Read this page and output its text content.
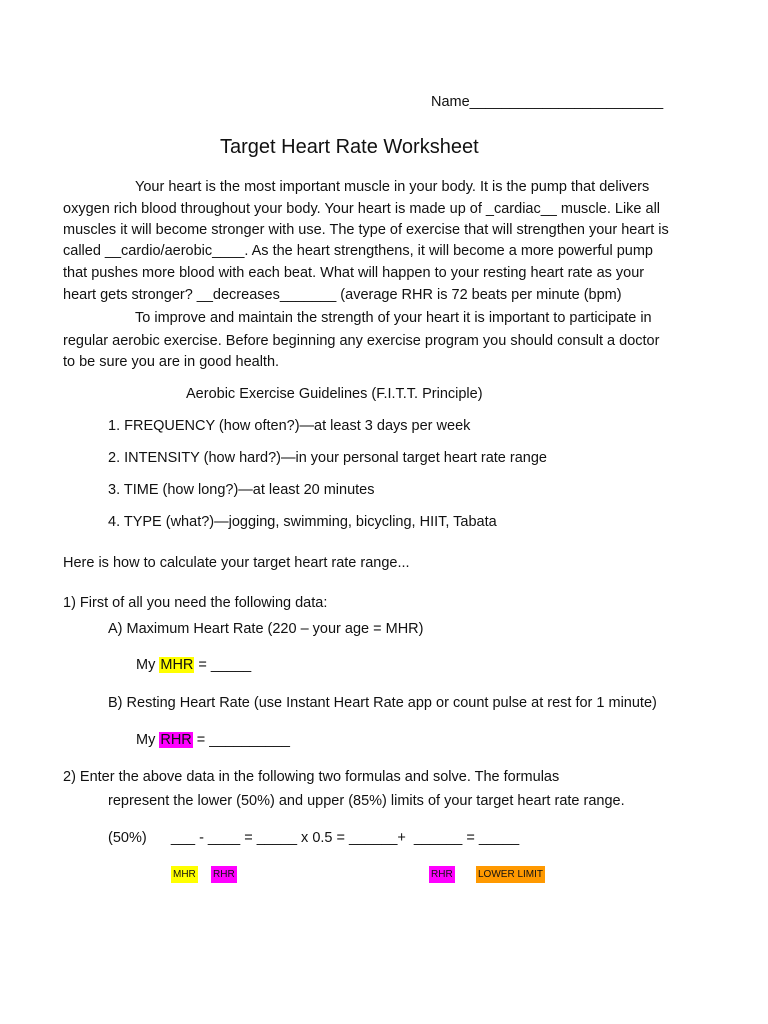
Name________________________
Target Heart Rate Worksheet
Your heart is the most important muscle in your body. It is the pump that delivers
oxygen rich blood throughout your body. Your heart is made up of _cardiac__ muscle. Like all
muscles it will become stronger with use. The type of exercise that will strengthen your heart is
called __cardio/aerobic____. As the heart strengthens, it will become a more powerful pump
that pushes more blood with each beat. What will happen to your resting heart rate as your
heart gets stronger? __decreases_______ (average RHR is 72 beats per minute (bpm)
To improve and maintain the strength of your heart it is important to participate in
regular aerobic exercise. Before beginning any exercise program you should consult a doctor
to be sure you are in good health.
Aerobic Exercise Guidelines (F.I.T.T. Principle)
1. FREQUENCY (how often?)—at least 3 days per week
2. INTENSITY (how hard?)—in your personal target heart rate range
3. TIME (how long?)—at least 20 minutes
4. TYPE (what?)—jogging, swimming, bicycling, HIIT, Tabata
Here is how to calculate your target heart rate range...
1) First of all you need the following data:
A) Maximum Heart Rate (220 – your age = MHR)
My MHR = _____
B) Resting Heart Rate (use Instant Heart Rate app or count pulse at rest for 1 minute)
My RHR = __________
2) Enter the above data in the following two formulas and solve. The formulas
represent the lower (50%) and upper (85%) limits of your target heart rate range.
(50%)      ___ - ____ = _____ x 0.5 = ______+  ______ = _____
MHR RHR	RHR	LOWER LIMIT
